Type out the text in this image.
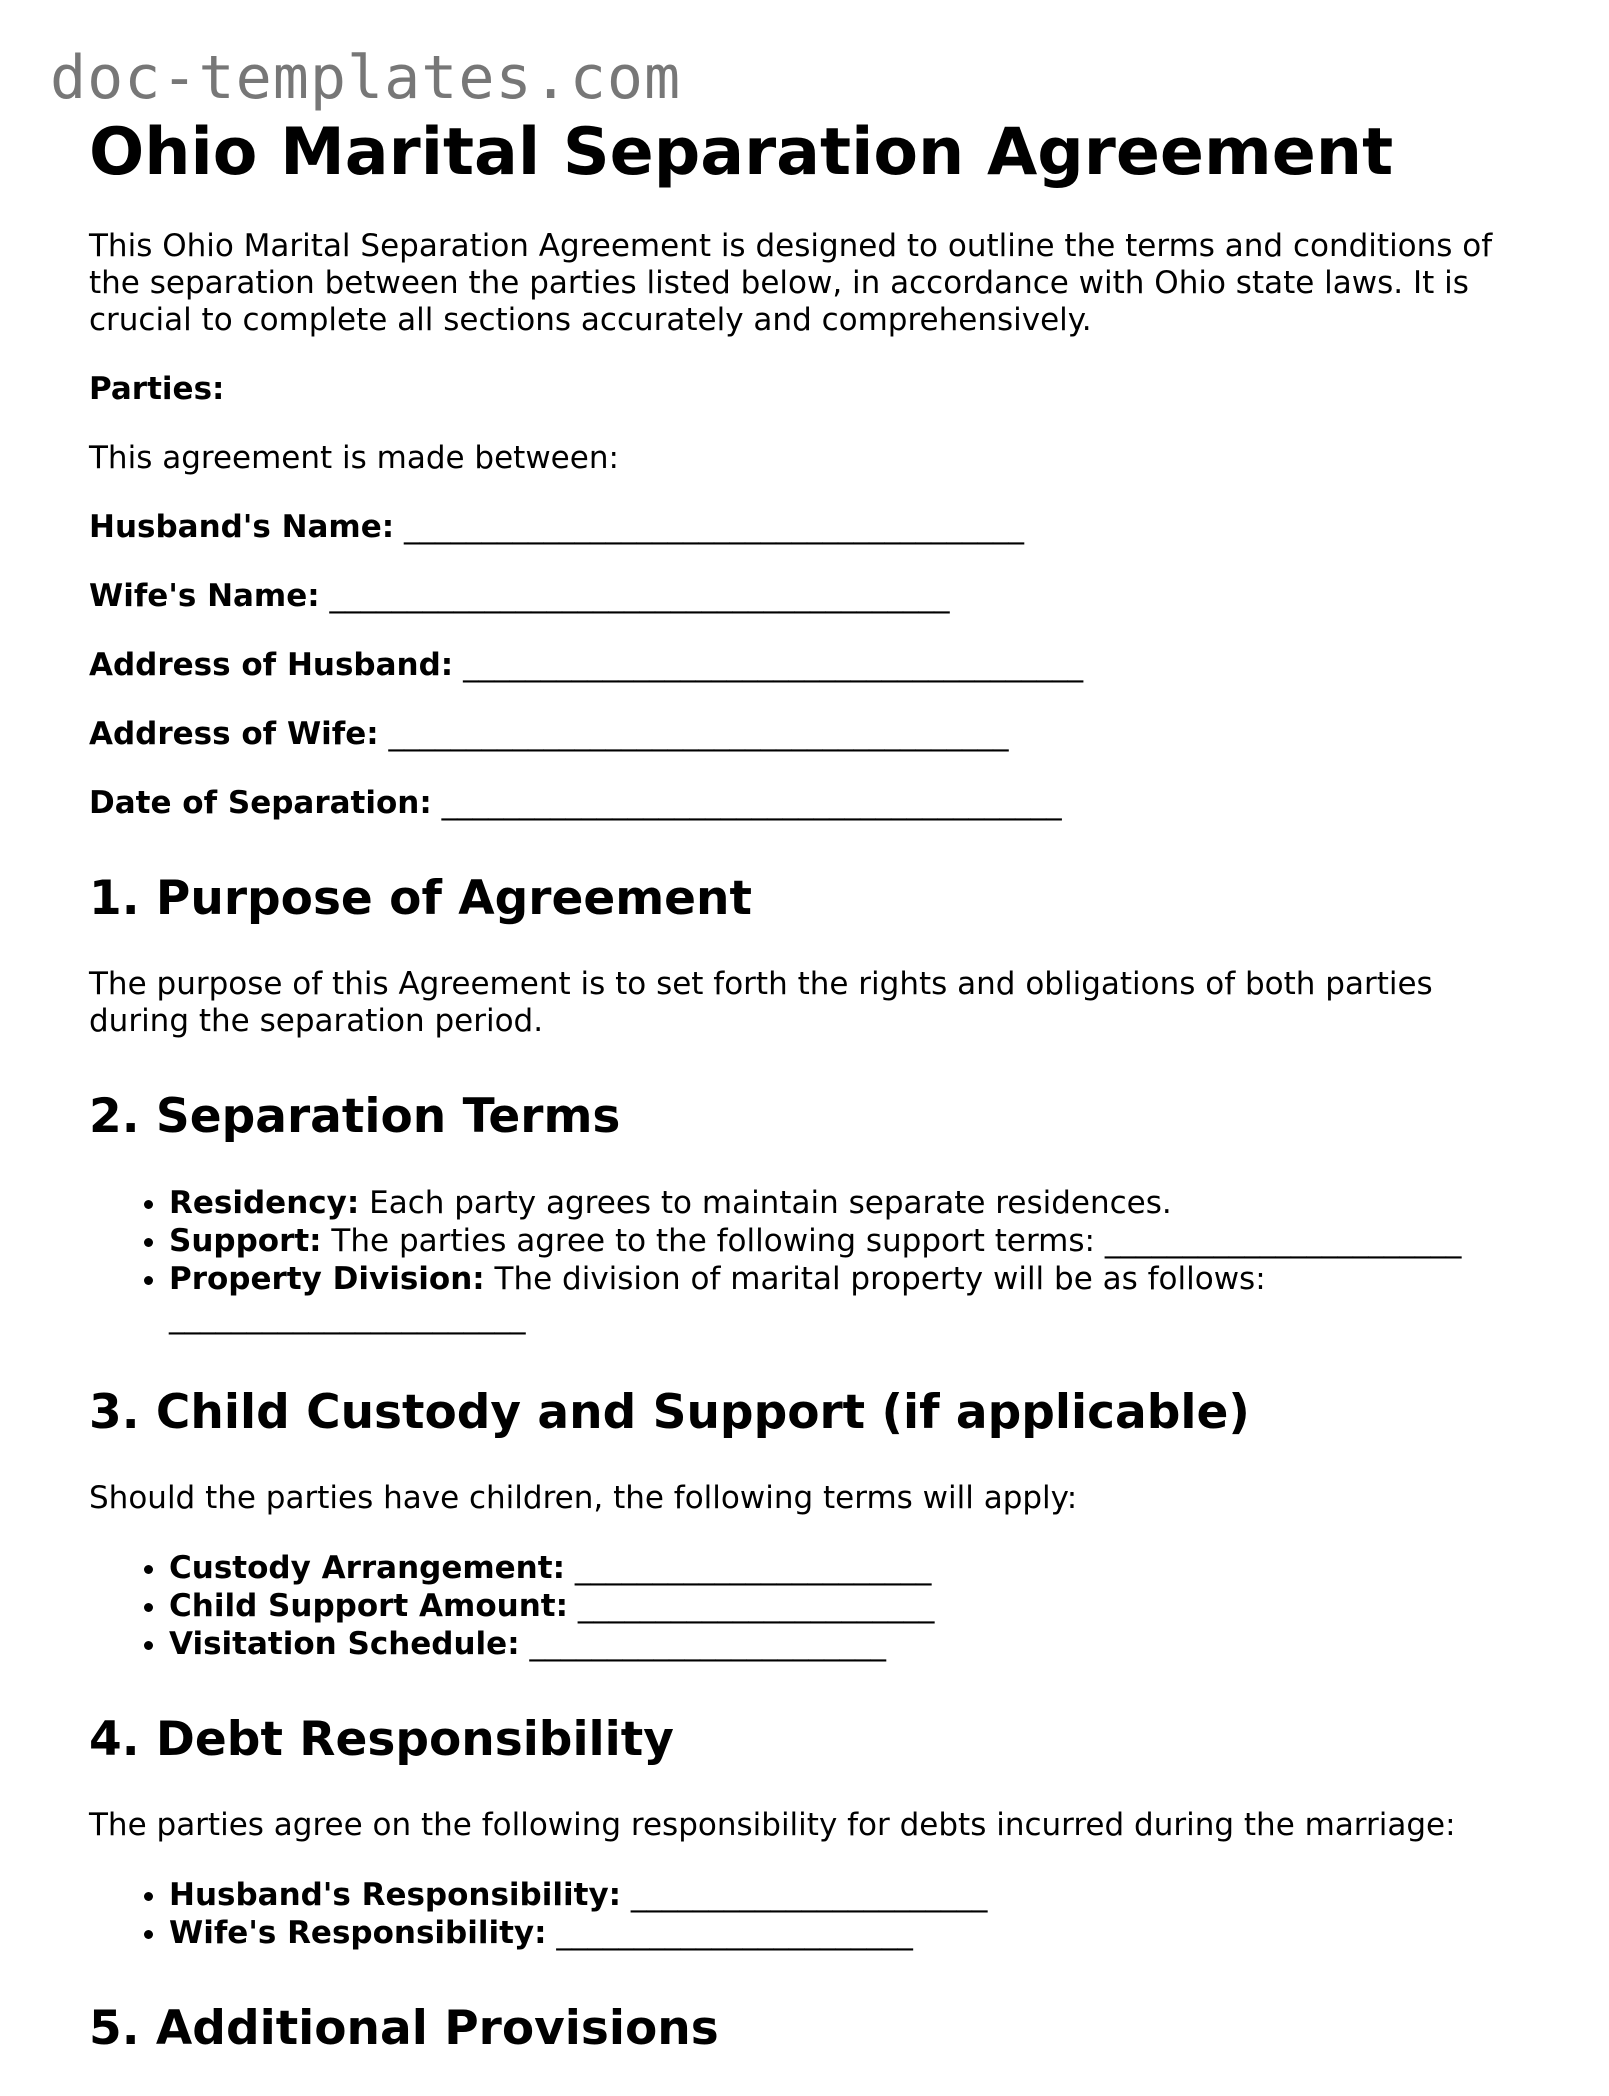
doc-templates.com
Ohio Marital Separation Agreement

This Ohio Marital Separation Agreement is designed to outline the terms and conditions of the separation between the parties listed below, in accordance with Ohio state laws. It is crucial to complete all sections accurately and comprehensively.

Parties:

This agreement is made between:

Husband's Name: ________________________________________

Wife's Name: ________________________________________

Address of Husband: ________________________________________

Address of Wife: ________________________________________

Date of Separation: ________________________________________

1. Purpose of Agreement

The purpose of this Agreement is to set forth the rights and obligations of both parties during the separation period.

2. Separation Terms
• Residency: Each party agrees to maintain separate residences.
• Support: The parties agree to the following support terms: _______________________
• Property Division: The division of marital property will be as follows: _______________________
3. Child Custody and Support (if applicable)

Should the parties have children, the following terms will apply:

• Custody Arrangement: _______________________
• Child Support Amount: _______________________
• Visitation Schedule: _______________________
4. Debt Responsibility

The parties agree on the following responsibility for debts incurred during the marriage:

• Husband's Responsibility: _______________________
• Wife's Responsibility: _______________________
5. Additional Provisions
